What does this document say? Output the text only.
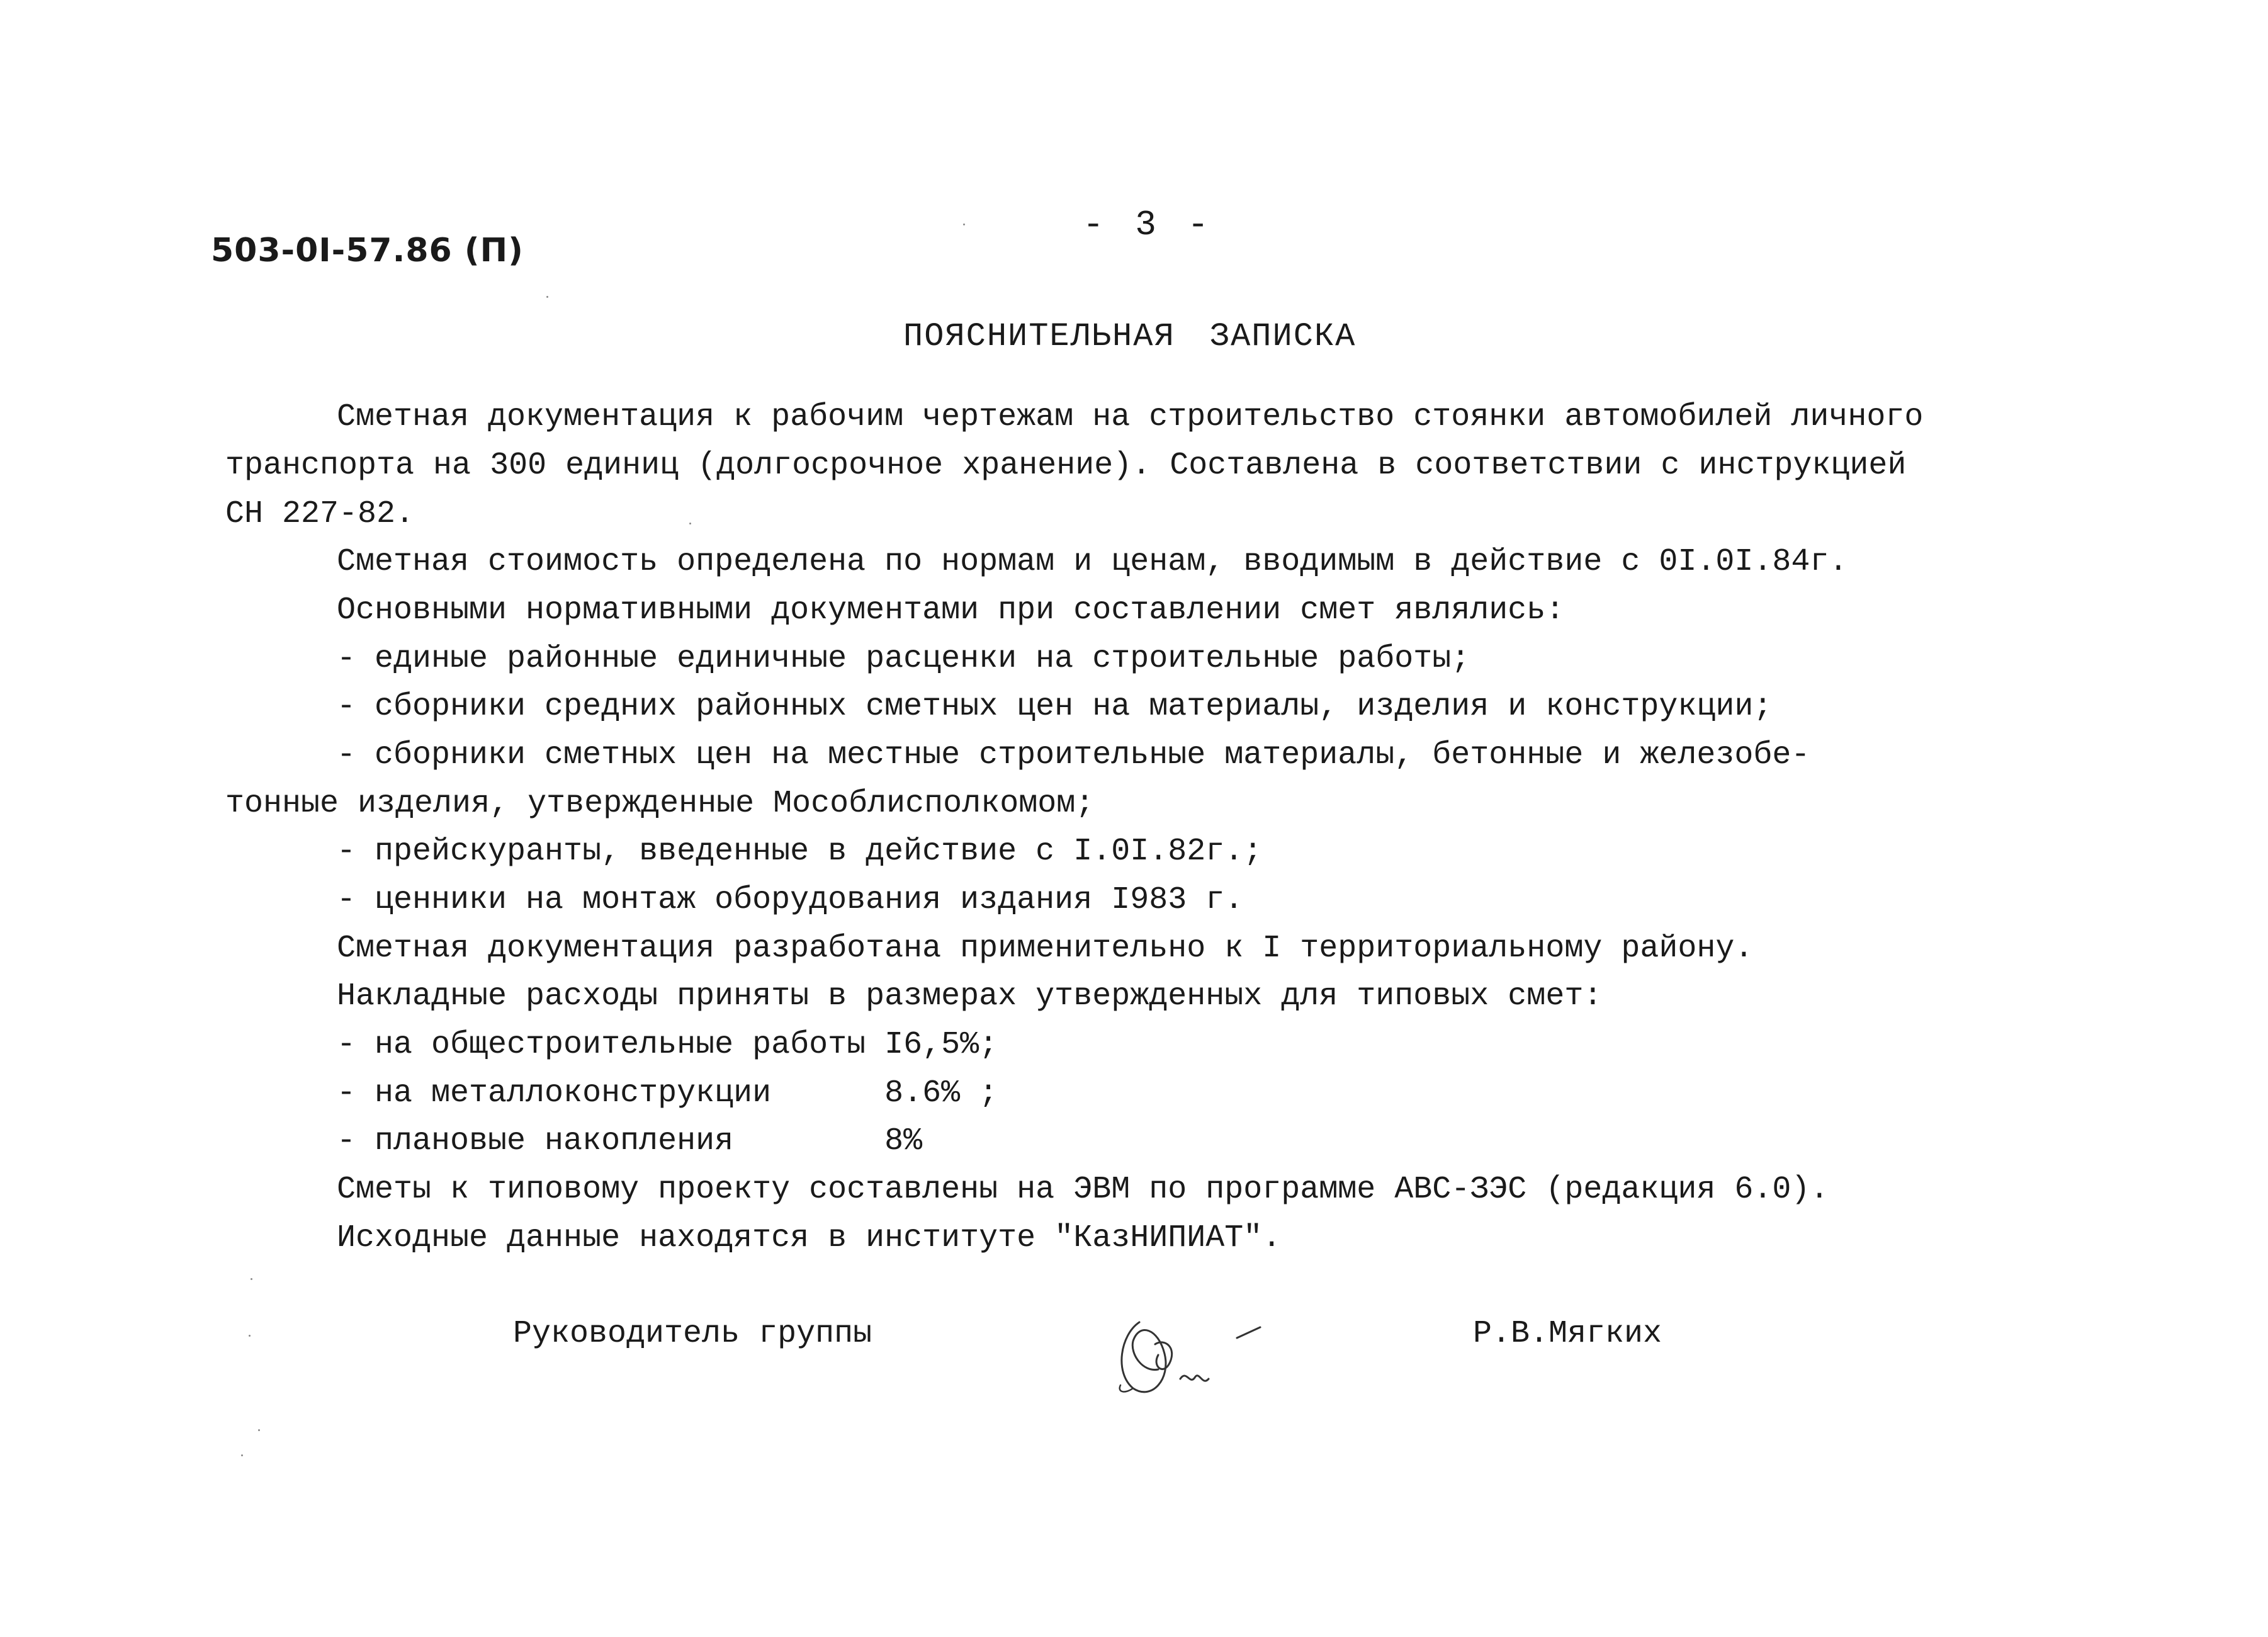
503-0I-57.86 (П)
- 3 -
ПОЯСНИТЕЛЬНАЯ ЗАПИСКА
Сметная документация к рабочим чертежам на строительство стоянки автомобилей личного
транспорта на 300 единиц (долгосрочное хранение). Составлена в соответствии с инструкцией
СН 227-82.
Сметная стоимость определена по нормам и ценам, вводимым в действие с 0I.0I.84г.
Основными нормативными документами при составлении смет являлись:
- единые районные единичные расценки на строительные работы;
- сборники средних районных сметных цен на материалы, изделия и конструкции;
- сборники сметных цен на местные строительные материалы, бетонные и железобе-
тонные изделия, утвержденные Мособлисполкомом;
- прейскуранты, введенные в действие с I.0I.82г.;
- ценники на монтаж оборудования издания I983 г.
Сметная документация разработана применительно к I территориальному району.
Накладные расходы приняты в размерах утвержденных для типовых смет:
- на общестроительные работы I6,5%;
- на металлоконструкции      8.6% ;
- плановые накопления        8%
Сметы к типовому проекту составлены на ЭВМ по программе АВС-ЗЭС (редакция 6.0).
Исходные данные находятся в институте "КазНИПИАТ".
Руководитель группы	Р.В.Мягких
